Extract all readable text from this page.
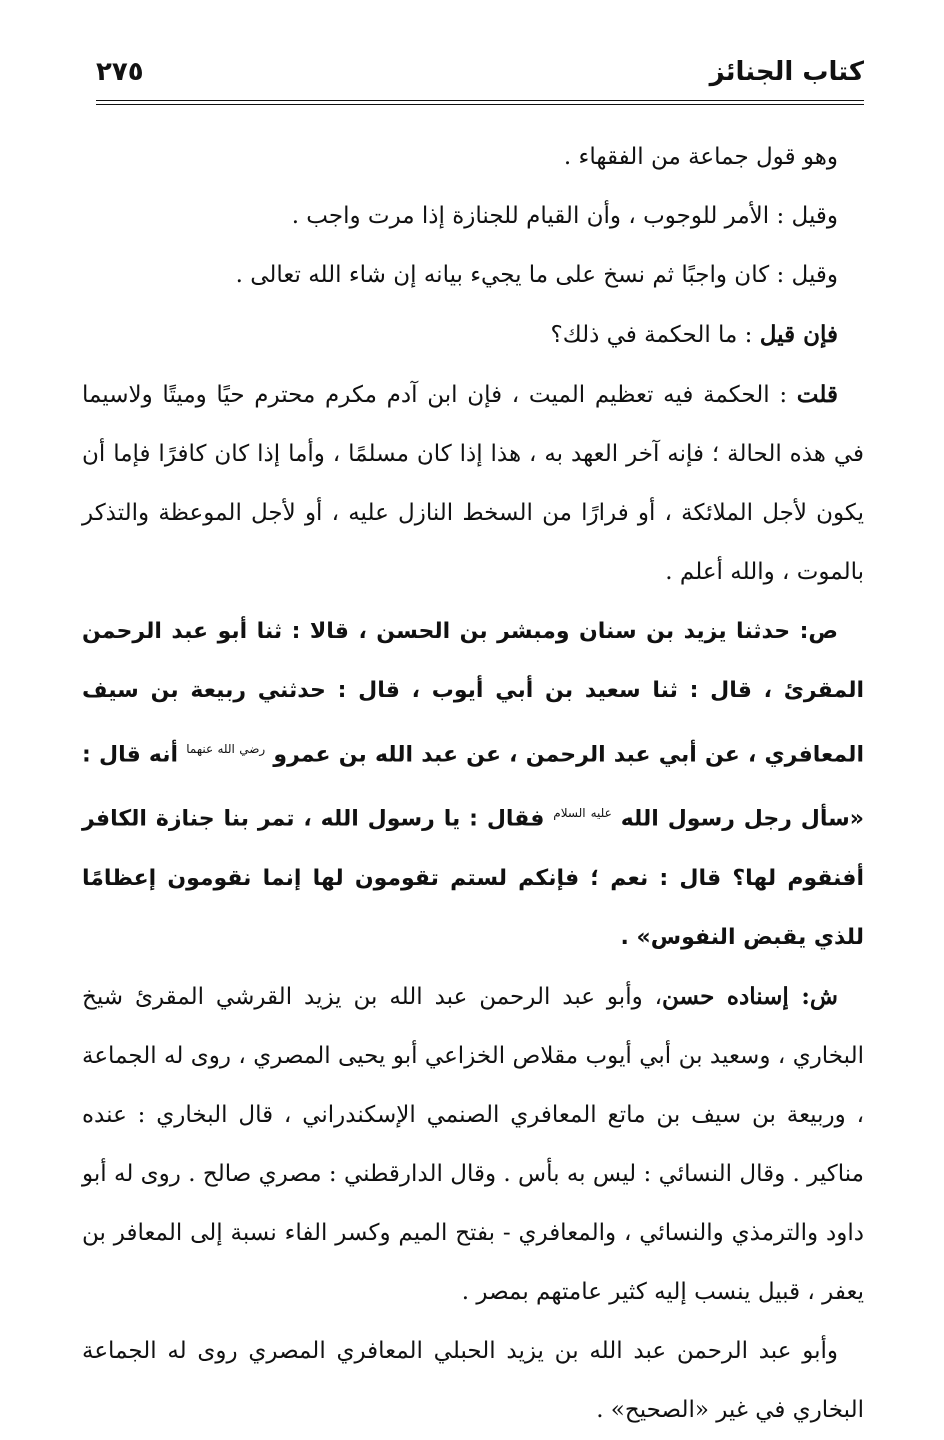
كتاب الجنائز
٢٧٥

وهو قول جماعة من الفقهاء .

وقيل : الأمر للوجوب ، وأن القيام للجنازة إذا مرت واجب .

وقيل : كان واجبًا ثم نسخ على ما يجيء بيانه إن شاء الله تعالى .

فإن قيل : ما الحكمة في ذلك؟

قلت : الحكمة فيه تعظيم الميت ، فإن ابن آدم مكرم محترم حيًا وميتًا ولاسيما في هذه الحالة ؛ فإنه آخر العهد به ، هذا إذا كان مسلمًا ، وأما إذا كان كافرًا فإما أن يكون لأجل الملائكة ، أو فرارًا من السخط النازل عليه ، أو لأجل الموعظة والتذكر بالموت ، والله أعلم .

ص: حدثنا يزيد بن سنان ومبشر بن الحسن ، قالا : ثنا أبو عبد الرحمن المقرئ ، قال : ثنا سعيد بن أبي أيوب ، قال : حدثني ربيعة بن سيف المعافري ، عن أبي عبد الرحمن ، عن عبد الله بن عمرو $^{رضي الله عنهما}$ أنه قال : «سأل رجل رسول الله $^{عليه السلام}$ فقال : يا رسول الله ، تمر بنا جنازة الكافر أفنقوم لها؟ قال : نعم ؛ فإنكم لستم تقومون لها إنما نقومون إعظامًا للذي يقبض النفوس» .

ش: إسناده حسن، وأبو عبد الرحمن عبد الله بن يزيد القرشي المقرئ شيخ البخاري ، وسعيد بن أبي أيوب مقلاص الخزاعي أبو يحيى المصري ، روى له الجماعة ، وربيعة بن سيف بن ماتع المعافري الصنمي الإسكندراني ، قال البخاري : عنده مناكير . وقال النسائي : ليس به بأس . وقال الدارقطني : مصري صالح . روى له أبو داود والترمذي والنسائي ، والمعافري - بفتح الميم وكسر الفاء نسبة إلى المعافر بن يعفر ، قبيل ينسب إليه كثير عامتهم بمصر .

وأبو عبد الرحمن عبد الله بن يزيد الحبلي المعافري المصري روى له الجماعة البخاري في غير «الصحيح» .
